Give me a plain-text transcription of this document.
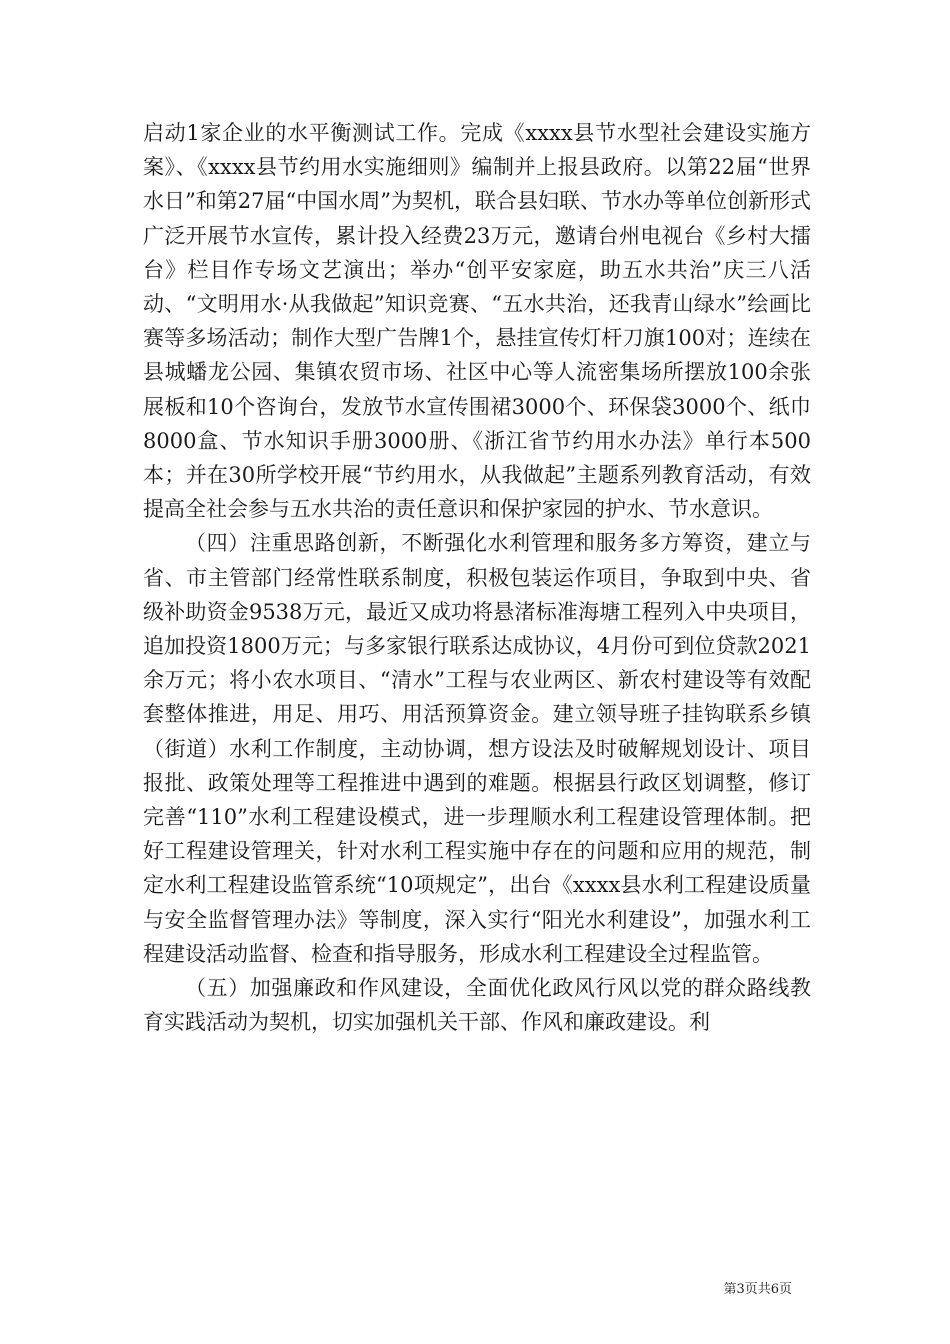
启动1家企业的水平衡测试工作。完成《xxxx县节水型社会建设实施方案》、《xxxx县节约用水实施细则》编制并上报县政府。以第22届“世界水日”和第27届“中国水周”为契机，联合县妇联、节水办等单位创新形式广泛开展节水宣传，累计投入经费23万元，邀请台州电视台《乡村大擂台》栏目作专场文艺演出；举办“创平安家庭，助五水共治”庆三八活动、“文明用水·从我做起”知识竞赛、“五水共治，还我青山绿水”绘画比赛等多场活动；制作大型广告牌1个，悬挂宣传灯杆刀旗100对；连续在县城蟠龙公园、集镇农贸市场、社区中心等人流密集场所摆放100余张展板和10个咨询台，发放节水宣传围裙3000个、环保袋3000个、纸巾8000盒、节水知识手册3000册、《浙江省节约用水办法》单行本500本；并在30所学校开展“节约用水，从我做起”主题系列教育活动，有效提高全社会参与五水共治的责任意识和保护家园的护水、节水意识。

（四）注重思路创新，不断强化水利管理和服务多方筹资，建立与省、市主管部门经常性联系制度，积极包装运作项目，争取到中央、省级补助资金9538万元，最近又成功将悬渚标准海塘工程列入中央项目，追加投资1800万元；与多家银行联系达成协议，4月份可到位贷款2021余万元；将小农水项目、“清水”工程与农业两区、新农村建设等有效配套整体推进，用足、用巧、用活预算资金。建立领导班子挂钩联系乡镇（街道）水利工作制度，主动协调，想方设法及时破解规划设计、项目报批、政策处理等工程推进中遇到的难题。根据县行政区划调整，修订完善“110”水利工程建设模式，进一步理顺水利工程建设管理体制。把好工程建设管理关，针对水利工程实施中存在的问题和应用的规范，制定水利工程建设监管系统“10项规定”，出台《xxxx县水利工程建设质量与安全监督管理办法》等制度，深入实行“阳光水利建设”，加强水利工程建设活动监督、检查和指导服务，形成水利工程建设全过程监管。

（五）加强廉政和作风建设，全面优化政风行风以党的群众路线教育实践活动为契机，切实加强机关干部、作风和廉政建设。利

第3页共6页
